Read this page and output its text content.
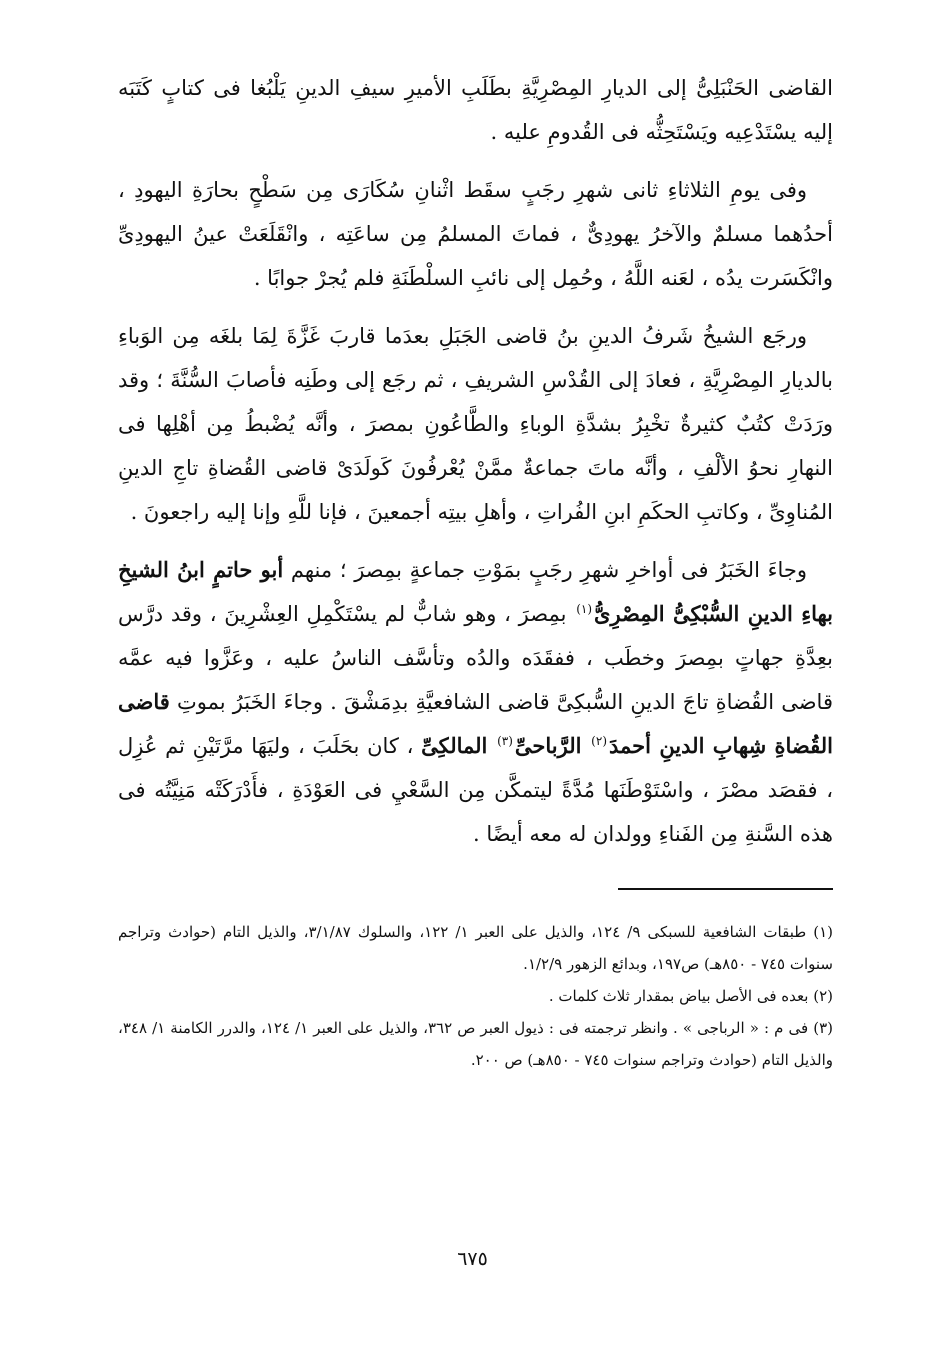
القاضى الحَنْبَلِىُّ إلى الديارِ المِصْرِيَّةِ بطَلَبِ الأميرِ سيفِ الدينِ يَلْبُغا فى كتابٍ كَتَبَه إليه يسْتَدْعِيه ويَسْتَحِثُّه فى القُدومِ عليه .

وفى يومِ الثلاثاءِ ثانى شهرِ رجَبٍ سقَط اثْنانِ سُكَارَى مِن سَطْحٍ بحارَةِ اليهودِ ، أحدُهما مسلمٌ والآخرُ يهودِىٌّ ، فماتَ المسلمُ مِن ساعَتِه ، وانْقَلَعَتْ عينُ اليهودِىِّ وانْكَسَرت يدُه ، لعَنه اللَّهُ ، وحُمِل إلى نائبِ السلْطَنَةِ فلم يُجرْ جوابًا .

ورجَع الشيخُ شَرفُ الدينِ بنُ قاضى الجَبَلِ بعدَما قاربَ غَزَّةَ لِمَا بلغَه مِن الوَباءِ بالديارِ المِصْرِيَّةِ ، فعادَ إلى القُدْسِ الشريفِ ، ثم رجَع إلى وطَنِه فأصابَ السُّنَّةَ ؛ وقد ورَدَتْ كتُبٌ كثيرةٌ تخْبِرُ بشدَّةِ الوباءِ والطَّاعُونِ بمصرَ ، وأنَّه يُضْبطُ مِن أهْلِها فى النهارِ نحوُ الألْفِ ، وأنَّه ماتَ جماعةٌ ممَّنْ يُعْرفُونَ كَولَدَىْ قاضى القُضاةِ تاجِ الدينِ المُناوِىِّ ، وكاتبِ الحكَمِ ابنِ الفُراتِ ، وأهلِ بيتِه أجمعينَ ، فإنا للَّهِ وإنا إليه راجعونَ .

وجاءَ الخَبَرُ فى أواخرِ شهرِ رجَبٍ بمَوْتِ جماعةٍ بمِصرَ ؛ منهم أبو حاتمٍ ابنُ الشيخِ بهاءِ الدينِ السُّبْكِىُّ المِصْرِىُّ$^{(١)}$ بمِصرَ ، وهو شابٌّ لم يسْتَكْمِلِ العِشْرِينَ ، وقد درَّس بعِدَّةِ جهاتٍ بمِصرَ وخطَب ، ففقَدَه والدُه وتأسَّف الناسُ عليه ، وعَزَّوا فيه عمَّه قاضى القُضاةِ تاجَ الدينِ السُّبكِىَّ قاضى الشافعيَّةِ بدِمَشْقَ . وجاءَ الخَبَرُ بموتِ قاضى القُضاةِ شِهابِ الدينِ أحمدَ$^{(٢)}$ الرَّباحىِّ$^{(٣)}$ المالكِىِّ ، كان بحَلَبَ ، وليَهَا مرَّتَيْنِ ثم عُزِل ، فقصَد مصْرَ ، واسْتَوْطَنَها مُدَّةً ليتمكَّن مِن السَّعْيِ فى العَوْدَةِ ، فأَدْرَكَتْه مَنِيَّتُه فى هذه السَّنةِ مِن الفَناءِ وولدان له معه أيضًا .

(١) طبقات الشافعية للسبكى ٩/ ١٢٤، والذيل على العبر ١/ ١٢٢، والسلوك ٣/١/٨٧، والذيل التام (حوادث وتراجم سنوات ٧٤٥ - ٨٥٠هـ) ص١٩٧، وبدائع الزهور ١/٢/٩.

(٢) بعده فى الأصل بياض بمقدار ثلاث كلمات .

(٣) فى م : « الرباجى » . وانظر ترجمته فى : ذيول العبر ص ٣٦٢، والذيل على العبر ١/ ١٢٤، والدرر الكامنة ١/ ٣٤٨، والذيل التام (حوادث وتراجم سنوات ٧٤٥ - ٨٥٠هـ) ص ٢٠٠.

٦٧٥
